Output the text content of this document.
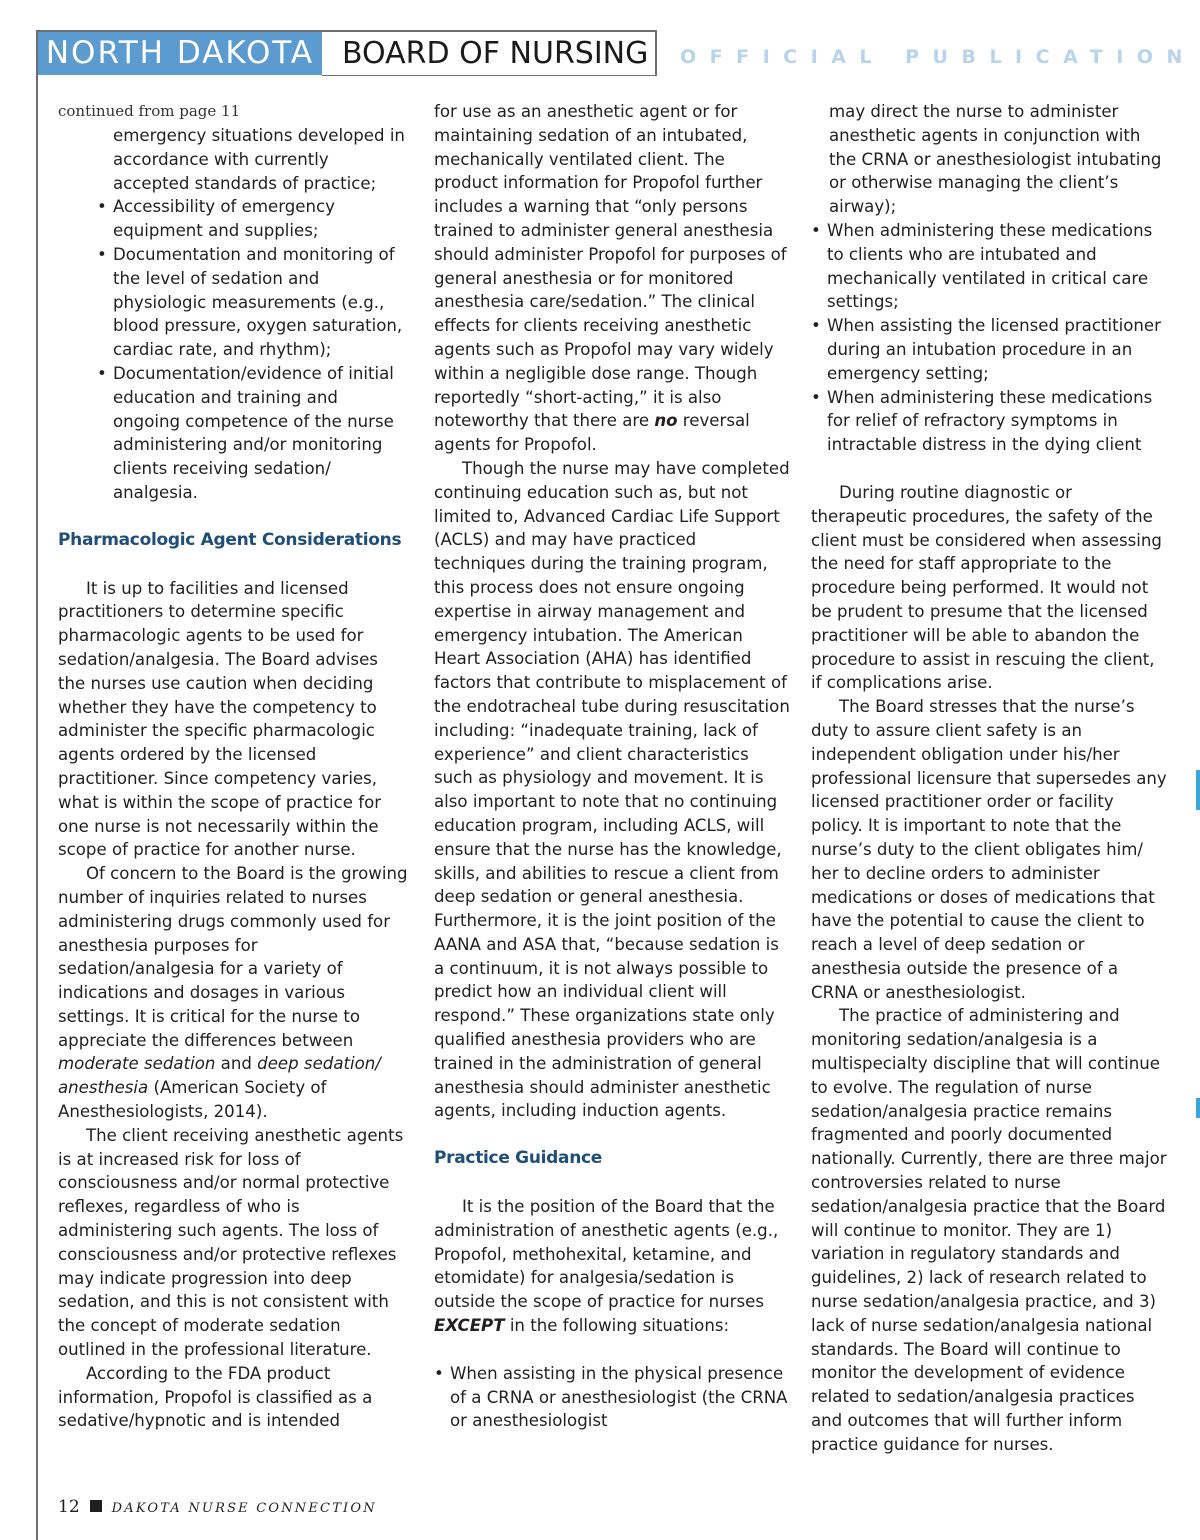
NORTH DAKOTA BOARD OF NURSING OFFICIAL PUBLICATION

continued from page 11

emergency situations developed in accordance with currently accepted standards of practice;

• Accessibility of emergency equipment and supplies;
• Documentation and monitoring of the level of sedation and physiologic measurements (e.g., blood pressure, oxygen saturation, cardiac rate, and rhythm);
• Documentation/evidence of initial education and training and ongoing competence of the nurse administering and/or monitoring clients receiving sedation/ analgesia.

Pharmacologic Agent Considerations

It is up to facilities and licensed practitioners to determine specific pharmacologic agents to be used for sedation/analgesia. The Board advises the nurses use caution when deciding whether they have the competency to administer the specific pharmacologic agents ordered by the licensed practitioner. Since competency varies, what is within the scope of practice for one nurse is not necessarily within the scope of practice for another nurse.

Of concern to the Board is the growing number of inquiries related to nurses administering drugs commonly used for anesthesia purposes for sedation/analgesia for a variety of indications and dosages in various settings. It is critical for the nurse to appreciate the differences between moderate sedation and deep sedation/ anesthesia (American Society of Anesthesiologists, 2014).

The client receiving anesthetic agents is at increased risk for loss of consciousness and/or normal protective reflexes, regardless of who is administering such agents. The loss of consciousness and/or protective reflexes may indicate progression into deep sedation, and this is not consistent with the concept of moderate sedation outlined in the professional literature.

According to the FDA product information, Propofol is classified as a sedative/hypnotic and is intended

for use as an anesthetic agent or for maintaining sedation of an intubated, mechanically ventilated client. The product information for Propofol further includes a warning that “only persons trained to administer general anesthesia should administer Propofol for purposes of general anesthesia or for monitored anesthesia care/sedation.” The clinical effects for clients receiving anesthetic agents such as Propofol may vary widely within a negligible dose range. Though reportedly “short-acting,” it is also noteworthy that there are no reversal agents for Propofol.

Though the nurse may have completed continuing education such as, but not limited to, Advanced Cardiac Life Support (ACLS) and may have practiced techniques during the training program, this process does not ensure ongoing expertise in airway management and emergency intubation. The American Heart Association (AHA) has identified factors that contribute to misplacement of the endotracheal tube during resuscitation including: “inadequate training, lack of experience” and client characteristics such as physiology and movement. It is also important to note that no continuing education program, including ACLS, will ensure that the nurse has the knowledge, skills, and abilities to rescue a client from deep sedation or general anesthesia. Furthermore, it is the joint position of the AANA and ASA that, “because sedation is a continuum, it is not always possible to predict how an individual client will respond.” These organizations state only qualified anesthesia providers who are trained in the administration of general anesthesia should administer anesthetic agents, including induction agents.

Practice Guidance

It is the position of the Board that the administration of anesthetic agents (e.g., Propofol, methohexital, ketamine, and etomidate) for analgesia/sedation is outside the scope of practice for nurses EXCEPT in the following situations:

• When assisting in the physical presence of a CRNA or anesthesiologist (the CRNA or anesthesiologist

may direct the nurse to administer anesthetic agents in conjunction with the CRNA or anesthesiologist intubating or otherwise managing the client’s airway);

• When administering these medications to clients who are intubated and mechanically ventilated in critical care settings;
• When assisting the licensed practitioner during an intubation procedure in an emergency setting;
• When administering these medications for relief of refractory symptoms in intractable distress in the dying client

During routine diagnostic or therapeutic procedures, the safety of the client must be considered when assessing the need for staff appropriate to the procedure being performed. It would not be prudent to presume that the licensed practitioner will be able to abandon the procedure to assist in rescuing the client, if complications arise.

The Board stresses that the nurse’s duty to assure client safety is an independent obligation under his/her professional licensure that supersedes any licensed practitioner order or facility policy. It is important to note that the nurse’s duty to the client obligates him/ her to decline orders to administer medications or doses of medications that have the potential to cause the client to reach a level of deep sedation or anesthesia outside the presence of a CRNA or anesthesiologist.

The practice of administering and monitoring sedation/analgesia is a multispecialty discipline that will continue to evolve. The regulation of nurse sedation/analgesia practice remains fragmented and poorly documented nationally. Currently, there are three major controversies related to nurse sedation/analgesia practice that the Board will continue to monitor. They are 1) variation in regulatory standards and guidelines, 2) lack of research related to nurse sedation/analgesia practice, and 3) lack of nurse sedation/analgesia national standards. The Board will continue to monitor the development of evidence related to sedation/analgesia practices and outcomes that will further inform practice guidance for nurses.

12 DAKOTA NURSE CONNECTION
